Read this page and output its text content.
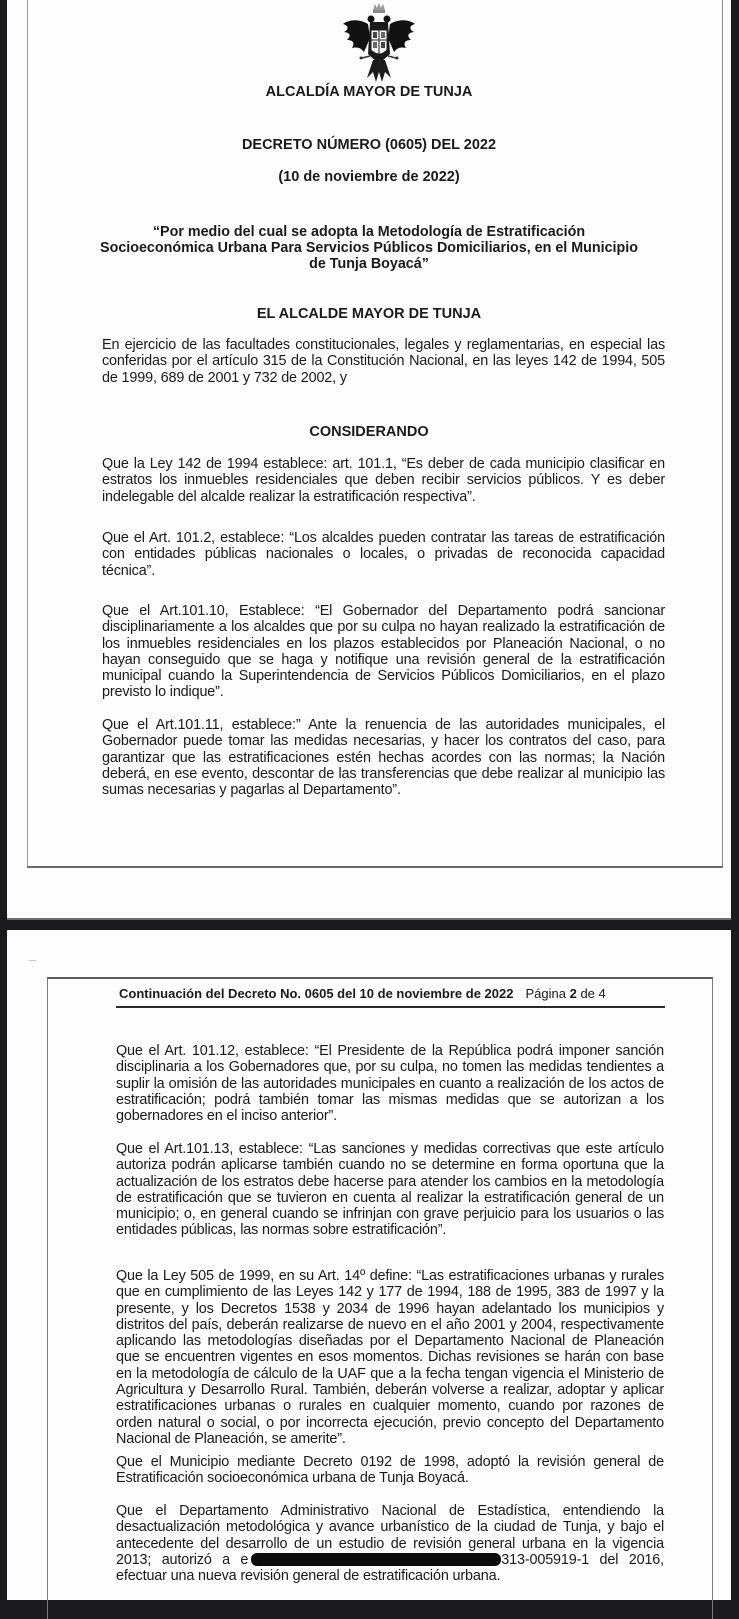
ALCALDÍA MAYOR DE TUNJA
DECRETO NÚMERO (0605) DEL 2022
(10 de noviembre de 2022)
“Por medio del cual se adopta la Metodología de Estratificación
Socioeconómica Urbana Para Servicios Públicos Domiciliarios, en el Municipio
de Tunja Boyacá”
EL ALCALDE MAYOR DE TUNJA

En ejercicio de las facultades constitucionales, legales y reglamentarias, en especial las conferidas por el artículo 315 de la Constitución Nacional, en las leyes 142 de 1994, 505 de 1999, 689 de 2001 y 732 de 2002, y

CONSIDERANDO

Que la Ley 142 de 1994 establece: art. 101.1, “Es deber de cada municipio clasificar en estratos los inmuebles residenciales que deben recibir servicios públicos. Y es deber indelegable del alcalde realizar la estratificación respectiva”.

Que el Art. 101.2, establece: “Los alcaldes pueden contratar las tareas de estratificación con entidades públicas nacionales o locales, o privadas de reconocida capacidad técnica”.

Que el Art.101.10, Establece: “El Gobernador del Departamento podrá sancionar disciplinariamente a los alcaldes que por su culpa no hayan realizado la estratificación de los inmuebles residenciales en los plazos establecidos por Planeación Nacional, o no hayan conseguido que se haga y notifique una revisión general de la estratificación municipal cuando la Superintendencia de Servicios Públicos Domiciliarios, en el plazo previsto lo indique”.

Que el Art.101.11, establece:” Ante la renuencia de las autoridades municipales, el Gobernador puede tomar las medidas necesarias, y hacer los contratos del caso, para garantizar que las estratificaciones estén hechas acordes con las normas; la Nación deberá, en ese evento, descontar de las transferencias que debe realizar al municipio las sumas necesarias y pagarlas al Departamento”.

⁀
Continuación del Decreto No. 0605 del 10 de noviembre de 2022 Página 2 de 4

Que el Art. 101.12, establece: “El Presidente de la República podrá imponer sanción disciplinaria a los Gobernadores que, por su culpa, no tomen las medidas tendientes a suplir la omisión de las autoridades municipales en cuanto a realización de los actos de estratificación; podrá también tomar las mismas medidas que se autorizan a los gobernadores en el inciso anterior”.

Que el Art.101.13, establece: “Las sanciones y medidas correctivas que este artículo autoriza podrán aplicarse también cuando no se determine en forma oportuna que la actualización de los estratos debe hacerse para atender los cambios en la metodología de estratificación que se tuvieron en cuenta al realizar la estratificación general de un municipio; o, en general cuando se infrinjan con grave perjuicio para los usuarios o las entidades públicas, las normas sobre estratificación”.

Que la Ley 505 de 1999, en su Art. 14º define: “Las estratificaciones urbanas y rurales que en cumplimiento de las Leyes 142 y 177 de 1994, 188 de 1995, 383 de 1997 y la presente, y los Decretos 1538 y 2034 de 1996 hayan adelantado los municipios y distritos del país, deberán realizarse de nuevo en el año 2001 y 2004, respectivamente aplicando las metodologías diseñadas por el Departamento Nacional de Planeación que se encuentren vigentes en esos momentos. Dichas revisiones se harán con base en la metodología de cálculo de la UAF que a la fecha tengan vigencia el Ministerio de Agricultura y Desarrollo Rural. También, deberán volverse a realizar, adoptar y aplicar estratificaciones urbanas o rurales en cualquier momento, cuando por razones de orden natural o social, o por incorrecta ejecución, previo concepto del Departamento Nacional de Planeación, se amerite”.

Que el Municipio mediante Decreto 0192 de 1998, adoptó la revisión general de Estratificación socioeconómica urbana de Tunja Boyacá.

Que el Departamento Administrativo Nacional de Estadística, entendiendo la desactualización metodológica y avance urbanístico de la ciudad de Tunja, y bajo el antecedente del desarrollo de un estudio de revisión general urbana en la vigencia 2013; autorizó a e	313-005919-1 del 2016, efectuar una nueva revisión general de estratificación urbana.
